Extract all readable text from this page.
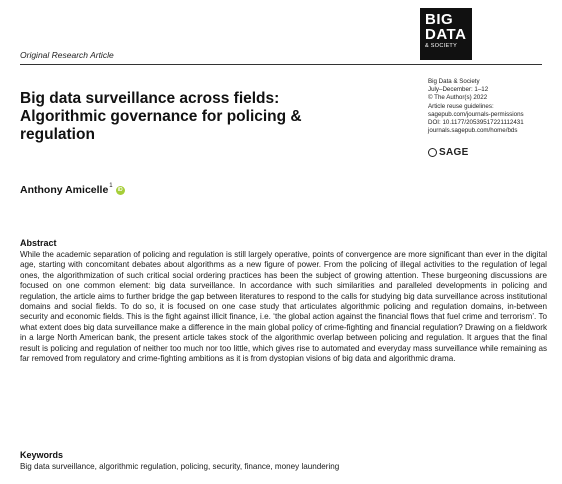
BIG
DATA
& SOCIETY
Original Research Article
Big data surveillance across fields: Algorithmic governance for policing & regulation
Big Data & Society
July–December: 1–12
© The Author(s) 2022
Article reuse guidelines:
sagepub.com/journals-permissions
DOI: 10.1177/20539517221112431
journals.sagepub.com/home/bds
SAGE
Anthony Amicelle$^1$
iD
Abstract

While the academic separation of policing and regulation is still largely operative, points of convergence are more significant than ever in the digital age, starting with concomitant debates about algorithms as a new figure of power. From the policing of illegal activities to the regulation of legal ones, the algorithmization of such critical social ordering practices has been the subject of growing attention. These burgeoning discussions are focused on one common element: big data surveillance. In accordance with such similarities and paralleled developments in policing and regulation, the article aims to further bridge the gap between literatures to respond to the calls for studying big data surveillance across institutional domains and social fields. To do so, it is focused on one case study that articulates algorithmic policing and regulation domains, in-between security and economic fields. This is the fight against illicit finance, i.e. ‘the global action against the financial flows that fuel crime and terrorism’. To what extent does big data surveillance make a difference in the main global policy of crime-fighting and financial regulation? Drawing on a fieldwork in a large North American bank, the present article takes stock of the algorithmic overlap between policing and regulation. It argues that the final result is policing and regulation of neither too much nor too little, which gives rise to automated and everyday mass surveillance while remaining as far removed from regulatory and crime-fighting ambitions as it is from dystopian visions of big data and algorithmic drama.

Keywords
Big data surveillance, algorithmic regulation, policing, security, finance, money laundering
